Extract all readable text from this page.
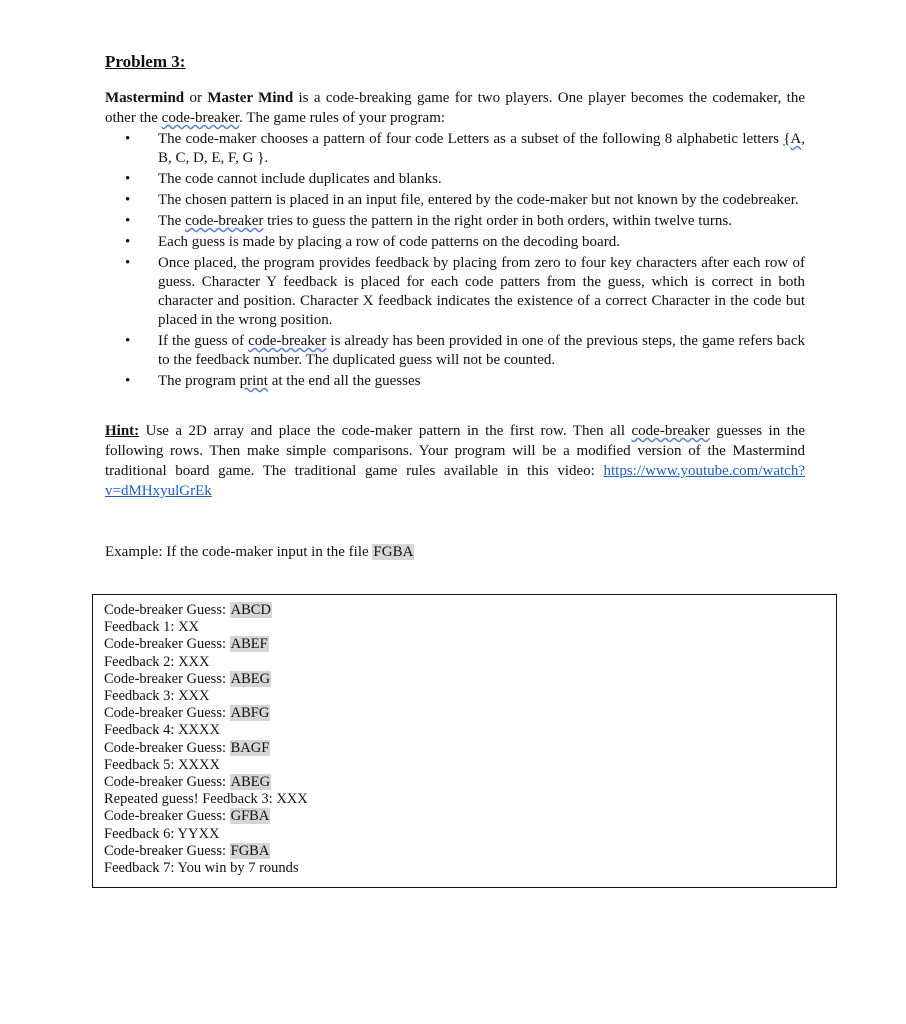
Problem 3:

Mastermind or Master Mind is a code-breaking game for two players. One player becomes the codemaker, the other the code-breaker. The game rules of your program:

• The code-maker chooses a pattern of four code Letters as a subset of the following 8 alphabetic letters {A, B, C, D, E, F, G }.
• The code cannot include duplicates and blanks.
• The chosen pattern is placed in an input file, entered by the code-maker but not known by the codebreaker.
• The code-breaker tries to guess the pattern in the right order in both orders, within twelve turns.
• Each guess is made by placing a row of code patterns on the decoding board.
• Once placed, the program provides feedback by placing from zero to four key characters after each row of guess. Character Y feedback is placed for each code patters from the guess, which is correct in both character and position. Character X feedback indicates the existence of a correct Character in the code but placed in the wrong position.
• If the guess of code-breaker is already has been provided in one of the previous steps, the game refers back to the feedback number. The duplicated guess will not be counted.
• The program print at the end all the guesses

Hint: Use a 2D array and place the code-maker pattern in the first row. Then all code-breaker guesses in the following rows. Then make simple comparisons. Your program will be a modified version of the Mastermind traditional board game. The traditional game rules available in this video: https://www.youtube.com/watch?v=dMHxyulGrEk

Example: If the code-maker input in the file FGBA

Code-breaker Guess: ABCD
Feedback 1: XX
Code-breaker Guess: ABEF
Feedback 2: XXX
Code-breaker Guess: ABEG
Feedback 3: XXX
Code-breaker Guess: ABFG
Feedback 4: XXXX
Code-breaker Guess: BAGF
Feedback 5: XXXX
Code-breaker Guess: ABEG
Repeated guess! Feedback 3: XXX
Code-breaker Guess: GFBA
Feedback 6: YYXX
Code-breaker Guess: FGBA
Feedback 7: You win by 7 rounds
